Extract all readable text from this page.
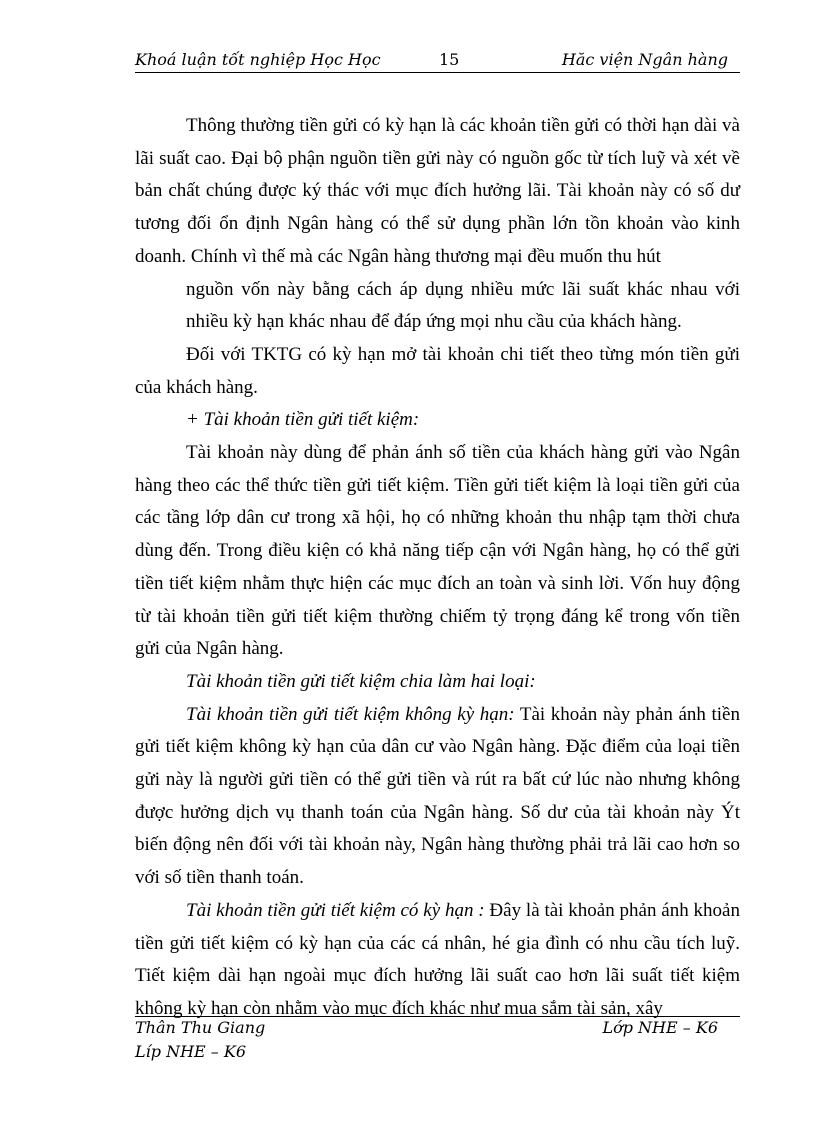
Khoá luận tốt nghiệp Học Học	15	Hăc viện Ngân hàng

Thông thường tiền gửi có kỳ hạn là các khoản tiền gửi có thời hạn dài và lãi suất cao. Đại bộ phận nguồn tiền gửi này có nguồn gốc từ tích luỹ và xét về bản chất chúng được ký thác với mục đích hưởng lãi. Tài khoản này có số dư tương đối ổn định Ngân hàng có thể sử dụng phần lớn tồn khoản vào kinh doanh. Chính vì thế mà các Ngân hàng thương mại đều muốn thu hút

nguồn vốn này bằng cách áp dụng nhiều mức lãi suất khác nhau với nhiều kỳ hạn khác nhau để đáp ứng mọi nhu cầu của khách hàng.

Đối với TKTG có kỳ hạn mở tài khoản chi tiết theo từng món tiền gửi của khách hàng.

+ Tài khoản tiền gửi tiết kiệm:

Tài khoản này dùng để phản ánh số tiền của khách hàng gửi vào Ngân hàng theo các thể thức tiền gửi tiết kiệm. Tiền gửi tiết kiệm là loại tiền gửi của các tầng lớp dân cư trong xã hội, họ có những khoản thu nhập tạm thời chưa dùng đến. Trong điều kiện có khả năng tiếp cận với Ngân hàng, họ có thể gửi tiền tiết kiệm nhằm thực hiện các mục đích an toàn và sinh lời. Vốn huy động từ tài khoản tiền gửi tiết kiệm thường chiếm tỷ trọng đáng kể trong vốn tiền gửi của Ngân hàng.

Tài khoản tiền gửi tiết kiệm chia làm hai loại:

Tài khoản tiền gửi tiết kiệm không kỳ hạn: Tài khoản này phản ánh tiền gửi tiết kiệm không kỳ hạn của dân cư vào Ngân hàng. Đặc điểm của loại tiền gửi này là người gửi tiền có thể gửi tiền và rút ra bất cứ lúc nào nhưng không được hưởng dịch vụ thanh toán của Ngân hàng. Số dư của tài khoản này Ýt biến động nên đối với tài khoản này, Ngân hàng thường phải trả lãi cao hơn so với số tiền thanh toán.

Tài khoản tiền gửi tiết kiệm có kỳ hạn : Đây là tài khoản phản ánh khoản tiền gửi tiết kiệm có kỳ hạn của các cá nhân, hé gia đình có nhu cầu tích luỹ. Tiết kiệm dài hạn ngoài mục đích hưởng lãi suất cao hơn lãi suất tiết kiệm không kỳ hạn còn nhằm vào mục đích khác như mua sắm tài sản, xây

Thân Thu Giang	Lớp NHE – K6
Líp NHE – K6
